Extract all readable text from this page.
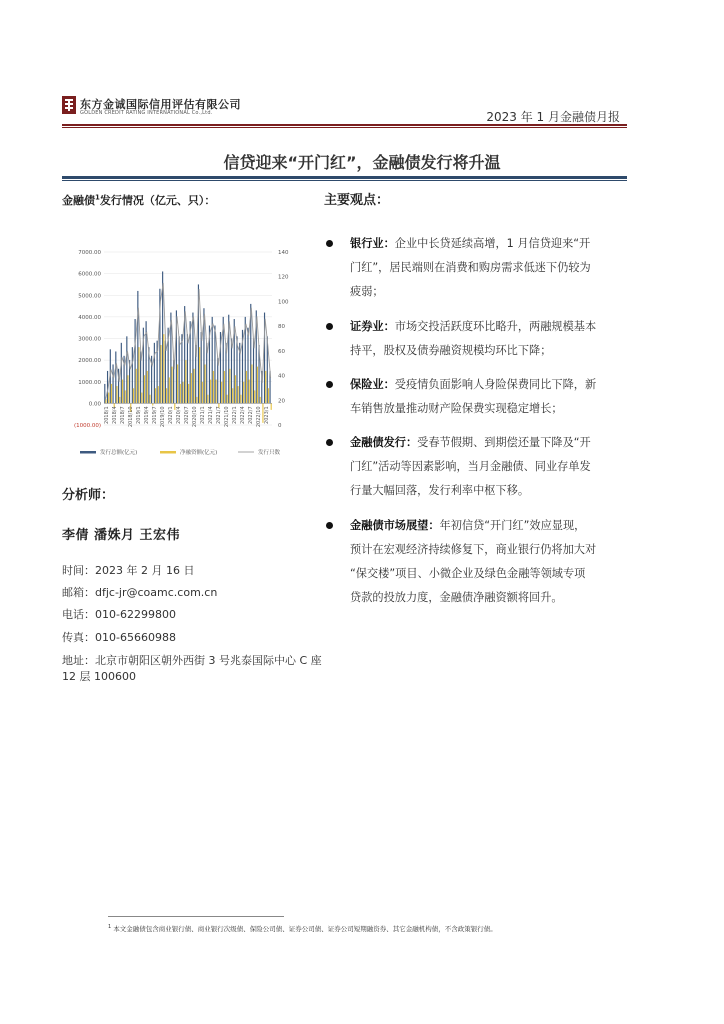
东方金诚国际信用评估有限公司
GOLDEN CREDIT RATING INTERNATIONAL Co.,Ltd.	2023 年 1 月金融债月报
信贷迎来“开门红”，金融债发行将升温
金融债$^1$发行情况（亿元、只）：
7000.00
6000.00
5000.00
4000.00
3000.00
2000.00
1000.00
0.00
(1000.00)
140
120
100
80
60
40
20
0
2018/1 2018/4 2018/7 2018/10 2019/1 2019/4 2019/7 2019/10 2020/1 2020/4 2020/7 2020/10 2021/1 2021/4 2021/7 2021/10 2022/1 2022/4 2022/7 2022/10 2023/1
发行总额(亿元)	净融资额(亿元)	发行只数
分析师：
李倩 潘姝月 王宏伟
时间：2023 年 2 月 16 日
邮箱：dfjc-jr@coamc.com.cn
电话：010-62299800
传真：010-65660988
地址：北京市朝阳区朝外西街 3 号兆泰国际中心 C 座
12 层 100600
主要观点：
银行业：企业中长贷延续高增，1 月信贷迎来“开
门红”，居民端则在消费和购房需求低迷下仍较为
疲弱；
证券业：市场交投活跃度环比略升，两融规模基本
持平，股权及债券融资规模均环比下降；
保险业：受疫情负面影响人身险保费同比下降，新
车销售放量推动财产险保费实现稳定增长；
金融债发行：受春节假期、到期偿还量下降及“开
门红”活动等因素影响，当月金融债、同业存单发
行量大幅回落，发行利率中枢下移。
金融债市场展望：年初信贷“开门红”效应显现，
预计在宏观经济持续修复下，商业银行仍将加大对
“保交楼”项目、小微企业及绿色金融等领域专项
贷款的投放力度，金融债净融资额将回升。
$^1$ 本文金融债包含商业银行债、商业银行次级债、保险公司债、证券公司债、证券公司短期融资券、其它金融机构债，不含政策银行债。
